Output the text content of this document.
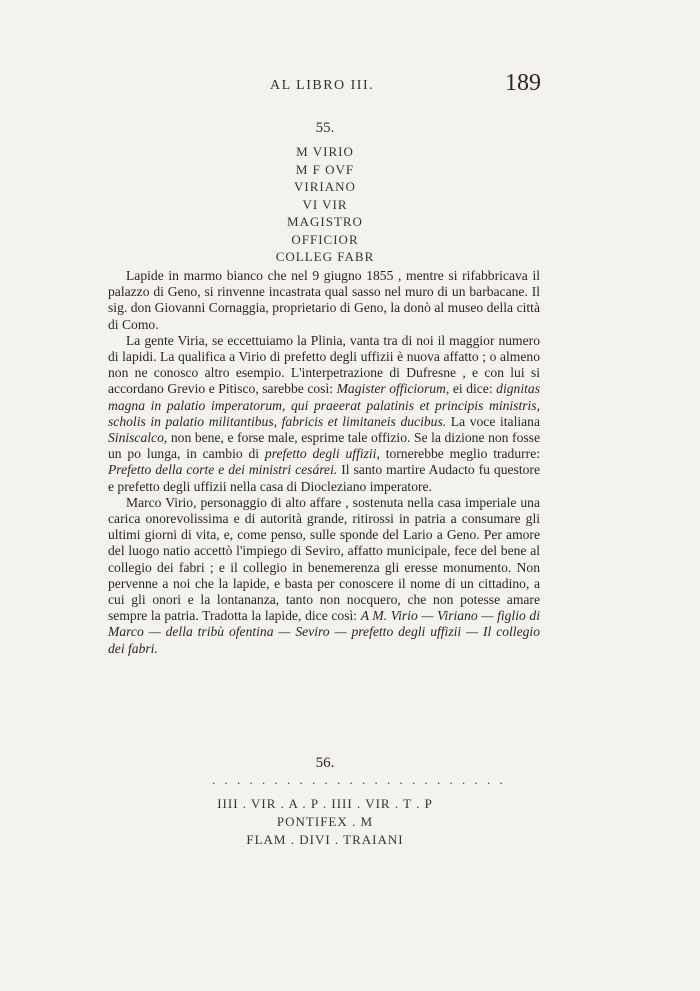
AL LIBRO III.	189
55.
M VIRIO
M F OVF
VIRIANO
VI VIR
MAGISTRO
OFFICIOR
COLLEG FABR

Lapide in marmo bianco che nel 9 giugno 1855 , mentre si rifabbricava il palazzo di Geno, si rinvenne incastrata qual sasso nel muro di un barbacane. Il sig. don Giovanni Cornaggia, proprietario di Geno, la donò al museo della città di Como.

La gente Viria, se eccettuiamo la Plinia, vanta tra di noi il maggior numero di lapidi. La qualifica a Virio di prefetto degli uffizii è nuova affatto ; o almeno non ne conosco altro esempio. L'interpetrazione di Dufresne , e con lui si accordano Grevio e Pitisco, sarebbe così: Magister officiorum, ei dice: dignitas magna in palatio imperatorum, qui praeerat palatinis et principis ministris, scholis in palatio militantibus, fabricis et limitaneis ducibus. La voce italiana Siniscalco, non bene, e forse male, esprime tale offizio. Se la dizione non fosse un po lunga, in cambio di prefetto degli uffizii, tornerebbe meglio tradurre: Prefetto della corte e dei ministri cesárei. Il santo martire Audacto fu questore e prefetto degli uffizii nella casa di Diocleziano imperatore.

Marco Virio, personaggio di alto affare , sostenuta nella casa imperiale una carica onorevolissima e di autorità grande, ritirossi in patria a consumare gli ultimi giorni di vita, e, come penso, sulle sponde del Lario a Geno. Per amore del luogo natio accettò l'impiego di Seviro, affatto municipale, fece del bene al collegio dei fabri ; e il collegio in benemerenza gli eresse monumento. Non pervenne a noi che la lapide, e basta per conoscere il nome di un cittadino, a cui gli onori e la lontananza, tanto non nocquero, che non potesse amare sempre la patria. Tradotta la lapide, dice così: A M. Virio — Viriano — figlio di Marco — della tribù ofentina — Seviro — prefetto degli uffizii — Il collegio dei fabri.

56.
. . . . . . . . . . . . . . . . . . . . . . . .
IIII . VIR . A . P . IIII . VIR . T . P
PONTIFEX . M
FLAM . DIVI . TRAIANI
